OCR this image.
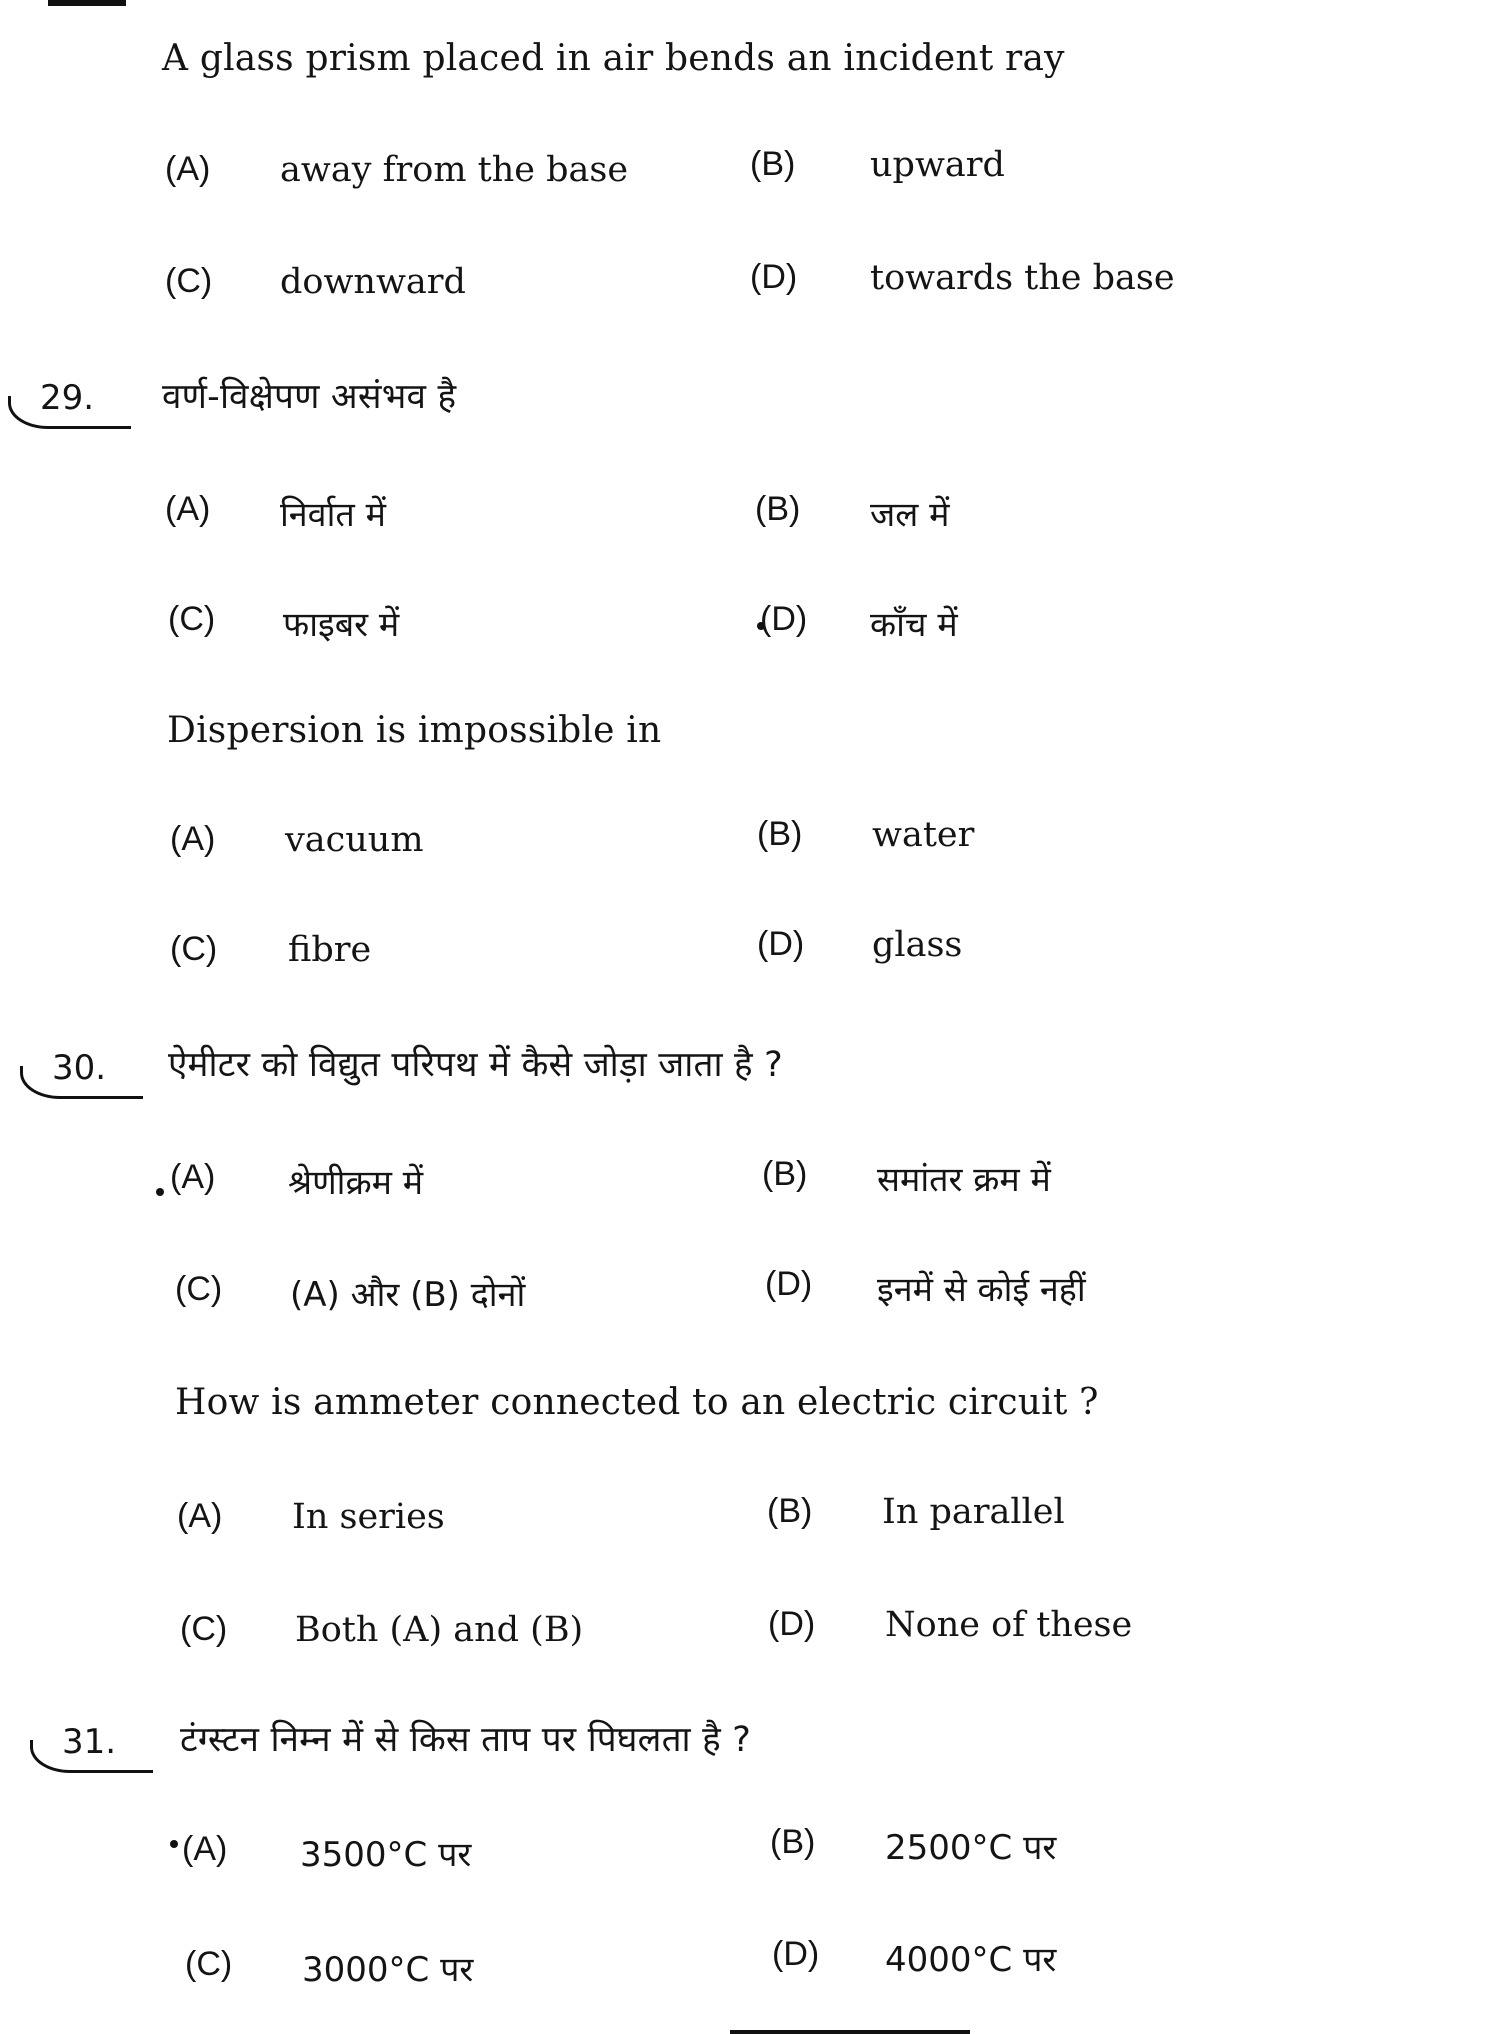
A glass prism placed in air bends an incident ray
(A) away from the base	(B) upward
(C) downward	(D) towards the base
29. वर्ण-विक्षेपण असंभव है
(A) निर्वात में	(B) जल में
(C) फाइबर में	(D) काँच में
Dispersion is impossible in
(A) vacuum	(B) water
(C) fibre	(D) glass
30. ऐमीटर को विद्युत परिपथ में कैसे जोड़ा जाता है ?
(A) श्रेणीक्रम में	(B) समांतर क्रम में
(C) (A) और (B) दोनों	(D) इनमें से कोई नहीं
How is ammeter connected to an electric circuit ?
(A) In series	(B) In parallel
(C) Both (A) and (B)	(D) None of these
31. टंग्स्टन निम्न में से किस ताप पर पिघलता है ?
(A) 3500°C पर	(B) 2500°C पर
(C) 3000°C पर	(D) 4000°C पर
